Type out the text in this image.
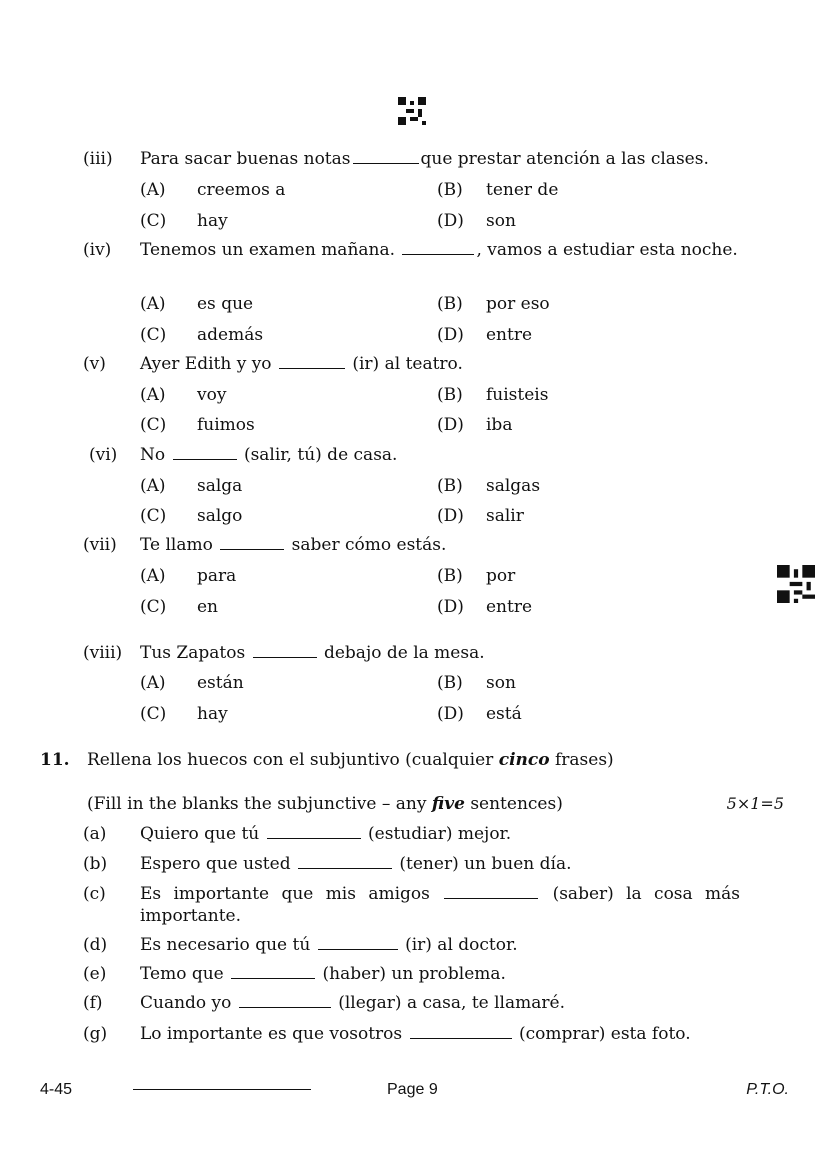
(iii) Para sacar buenas notas	que prestar atención a las clases.
(A) creemos a	(B) tener de
(C) hay	(D) son
(iv) Tenemos un examen mañana.	, vamos a estudiar esta noche.
(A) es que	(B) por eso
(C) además	(D) entre
(v) Ayer Edith y yo	(ir) al teatro.
(A) voy	(B) fuisteis
(C) fuimos	(D) iba
(vi) No	(salir, tú) de casa.
(A) salga	(B) salgas
(C) salgo	(D) salir
(vii) Te llamo	saber cómo estás.
(A) para	(B) por
(C) en	(D) entre
(viii) Tus Zapatos	debajo de la mesa.
(A) están	(B) son
(C) hay	(D) está
11. Rellena los huecos con el subjuntivo (cualquier cinco frases)
(Fill in the blanks the subjunctive – any five sentences)	5×1=5
(a) Quiero que tú	(estudiar) mejor.
(b) Espero que usted	(tener) un buen día.
(c) Es importante que mis amigos	(saber) la cosa más importante.
(d) Es necesario que tú	(ir) al doctor.
(e) Temo que	(haber) un problema.
(f) Cuando yo	(llegar) a casa, te llamaré.
(g) Lo importante es que vosotros	(comprar) esta foto.
4-45	Page 9	P.T.O.
